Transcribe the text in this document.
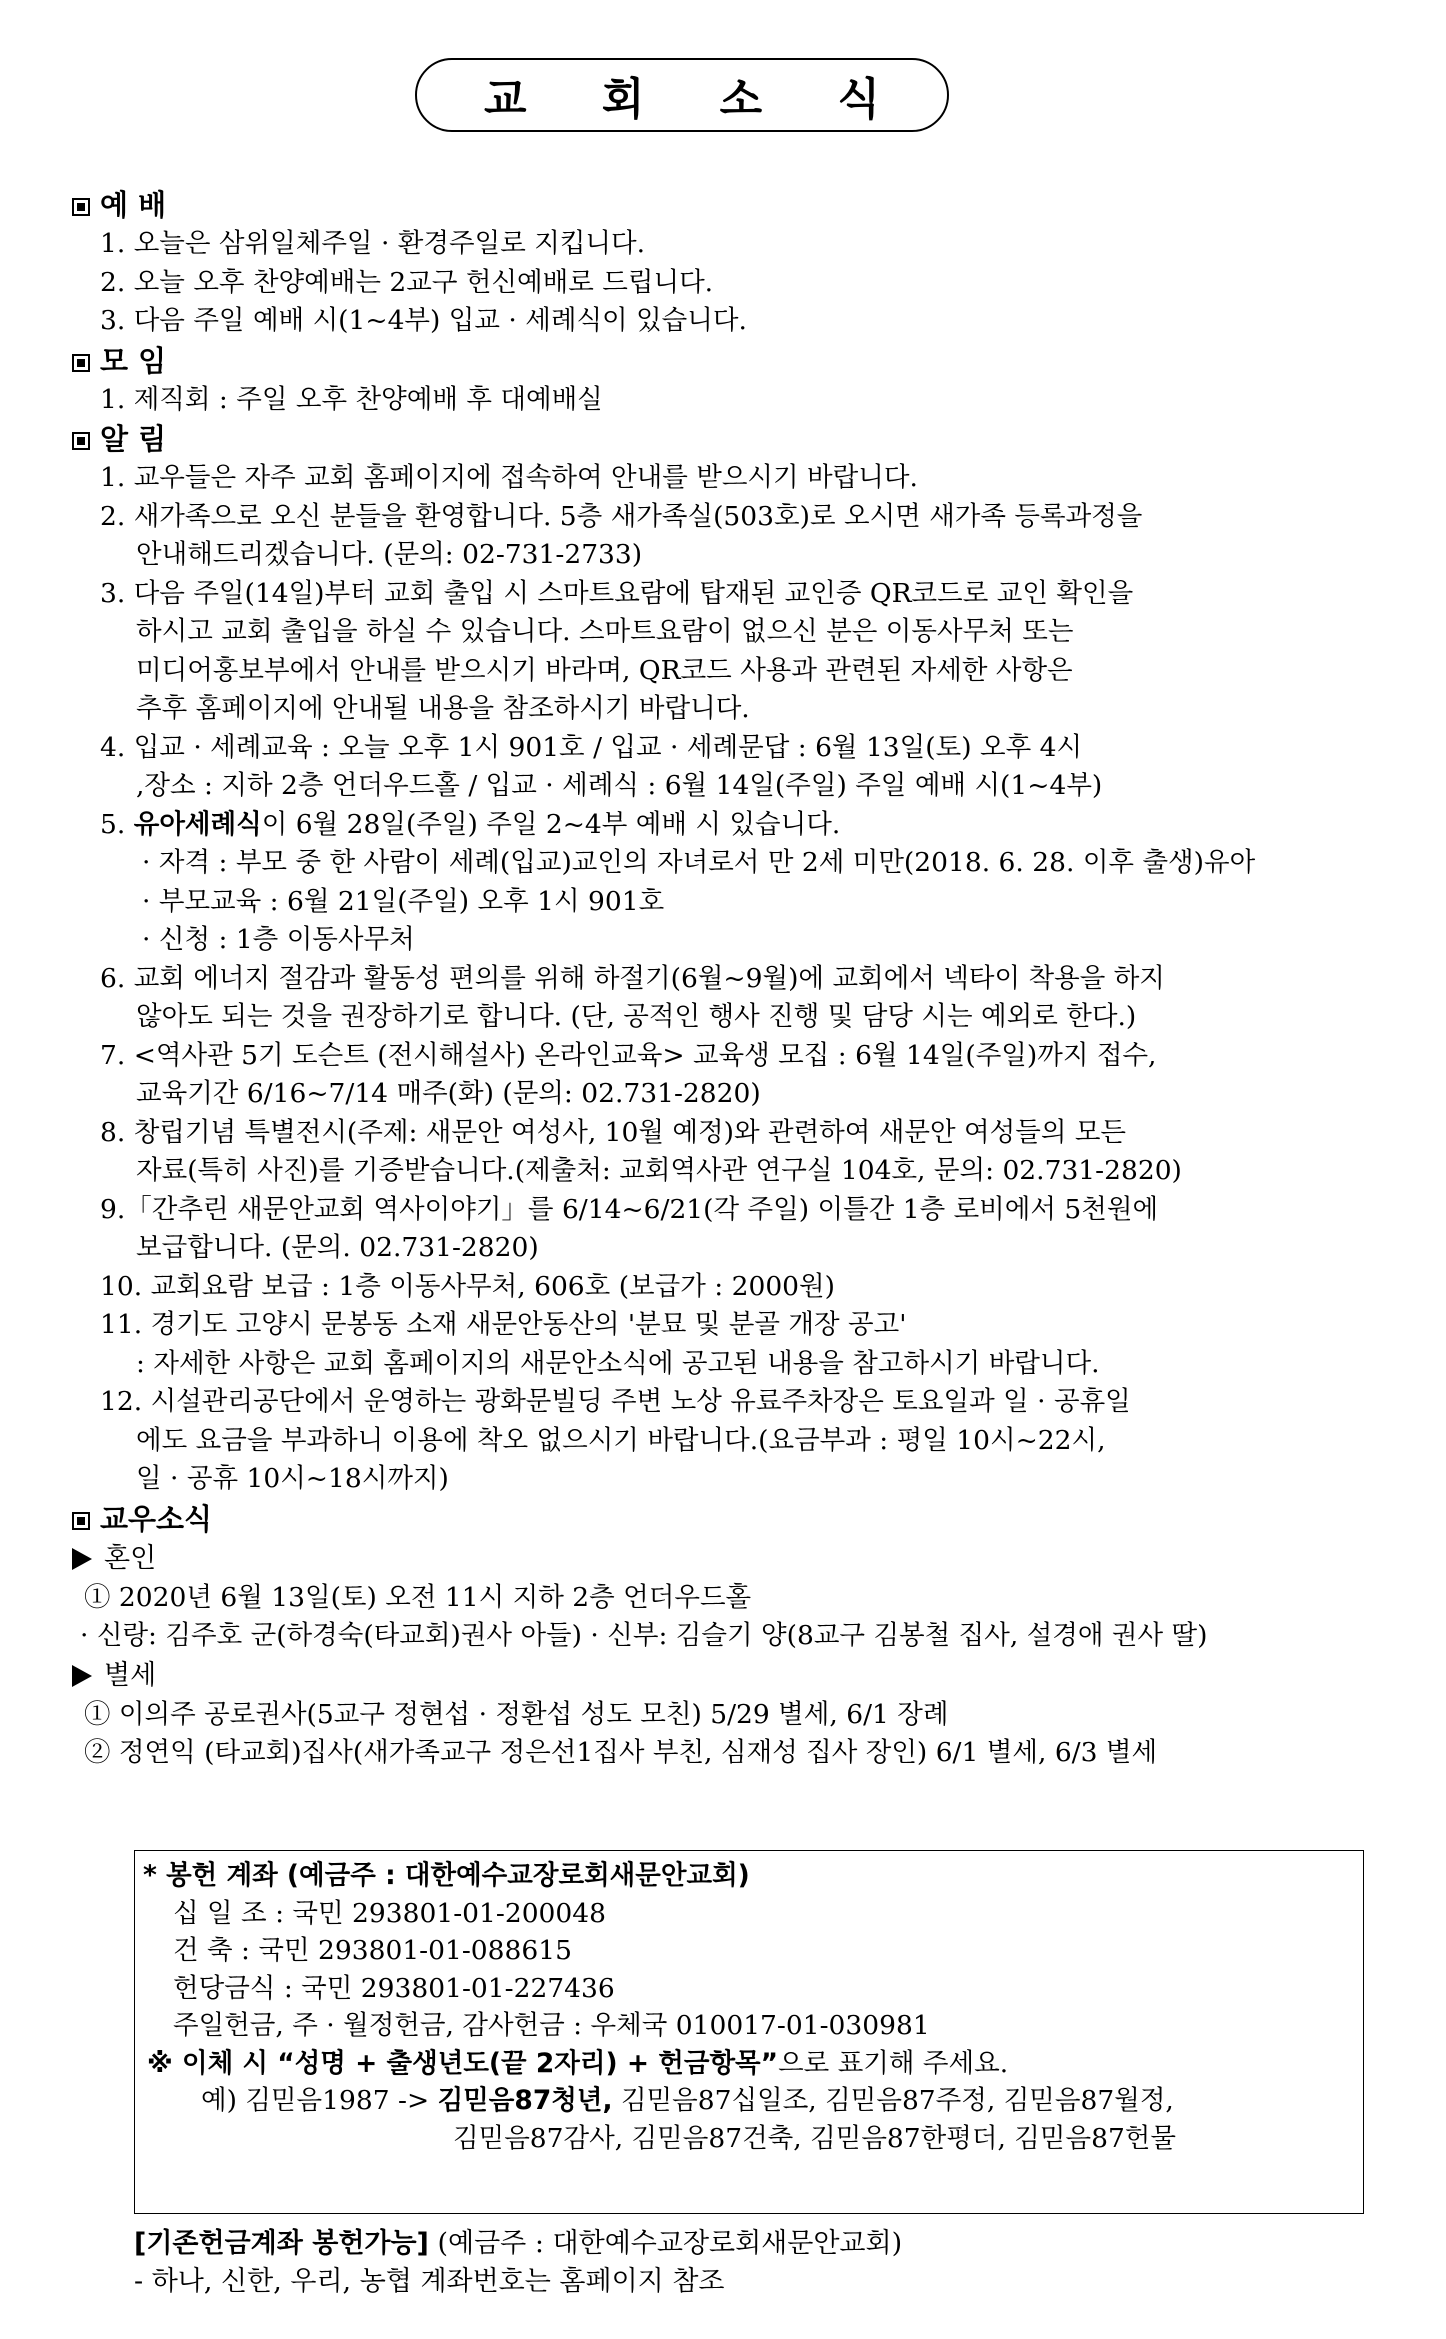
교 회 소 식
예 배
1. 오늘은 삼위일체주일 · 환경주일로 지킵니다.
2. 오늘 오후 찬양예배는 2교구 헌신예배로 드립니다.
3. 다음 주일 예배 시(1~4부) 입교 · 세례식이 있습니다.
모 임
1. 제직회 : 주일 오후 찬양예배 후 대예배실
알 림
1. 교우들은 자주 교회 홈페이지에 접속하여 안내를 받으시기 바랍니다.
2. 새가족으로 오신 분들을 환영합니다. 5층 새가족실(503호)로 오시면 새가족 등록과정을
안내해드리겠습니다. (문의: 02-731-2733)
3. 다음 주일(14일)부터 교회 출입 시 스마트요람에 탑재된 교인증 QR코드로 교인 확인을
하시고 교회 출입을 하실 수 있습니다. 스마트요람이 없으신 분은 이동사무처 또는
미디어홍보부에서 안내를 받으시기 바라며, QR코드 사용과 관련된 자세한 사항은
추후 홈페이지에 안내될 내용을 참조하시기 바랍니다.
4. 입교 · 세례교육 : 오늘 오후 1시 901호 / 입교 · 세례문답 : 6월 13일(토) 오후 4시
,장소 : 지하 2층 언더우드홀 / 입교 · 세례식 : 6월 14일(주일) 주일 예배 시(1~4부)
5. 유아세례식이 6월 28일(주일) 주일 2~4부 예배 시 있습니다.
· 자격 : 부모 중 한 사람이 세례(입교)교인의 자녀로서 만 2세 미만(2018. 6. 28. 이후 출생)유아
· 부모교육 : 6월 21일(주일) 오후 1시 901호
· 신청 : 1층 이동사무처
6. 교회 에너지 절감과 활동성 편의를 위해 하절기(6월~9월)에 교회에서 넥타이 착용을 하지
않아도 되는 것을 권장하기로 합니다. (단, 공적인 행사 진행 및 담당 시는 예외로 한다.)
7. <역사관 5기 도슨트 (전시해설사) 온라인교육> 교육생 모집 : 6월 14일(주일)까지 접수,
교육기간 6/16~7/14 매주(화) (문의: 02.731-2820)
8. 창립기념 특별전시(주제: 새문안 여성사, 10월 예정)와 관련하여 새문안 여성들의 모든
자료(특히 사진)를 기증받습니다.(제출처: 교회역사관 연구실 104호, 문의: 02.731-2820)
9.「간추린 새문안교회 역사이야기」를 6/14~6/21(각 주일) 이틀간 1층 로비에서 5천원에
보급합니다. (문의. 02.731-2820)
10. 교회요람 보급 : 1층 이동사무처, 606호 (보급가 : 2000원)
11. 경기도 고양시 문봉동 소재 새문안동산의 '분묘 및 분골 개장 공고'
: 자세한 사항은 교회 홈페이지의 새문안소식에 공고된 내용을 참고하시기 바랍니다.
12. 시설관리공단에서 운영하는 광화문빌딩 주변 노상 유료주차장은 토요일과 일 · 공휴일
에도 요금을 부과하니 이용에 착오 없으시기 바랍니다.(요금부과 : 평일 10시~22시,
일 · 공휴 10시~18시까지)
교우소식
혼인
① 2020년 6월 13일(토) 오전 11시 지하 2층 언더우드홀
· 신랑: 김주호 군(하경숙(타교회)권사 아들) · 신부: 김슬기 양(8교구 김봉철 집사, 설경애 권사 딸)
별세
① 이의주 공로권사(5교구 정현섭 · 정환섭 성도 모친) 5/29 별세, 6/1 장례
② 정연익 (타교회)집사(새가족교구 정은선1집사 부친, 심재성 집사 장인) 6/1 별세, 6/3 별세
* 봉헌 계좌 (예금주 : 대한예수교장로회새문안교회)
십 일 조 : 국민 293801-01-200048
건 축 : 국민 293801-01-088615
헌당금식 : 국민 293801-01-227436
주일헌금, 주 · 월정헌금, 감사헌금 : 우체국 010017-01-030981
※ 이체 시 “성명 + 출생년도(끝 2자리) + 헌금항목”으로 표기해 주세요.
예) 김믿음1987 -> 김믿음87청년, 김믿음87십일조, 김믿음87주정, 김믿음87월정,
김믿음87감사, 김믿음87건축, 김믿음87한평더, 김믿음87헌물
[기존헌금계좌 봉헌가능] (예금주 : 대한예수교장로회새문안교회)
- 하나, 신한, 우리, 농협 계좌번호는 홈페이지 참조
